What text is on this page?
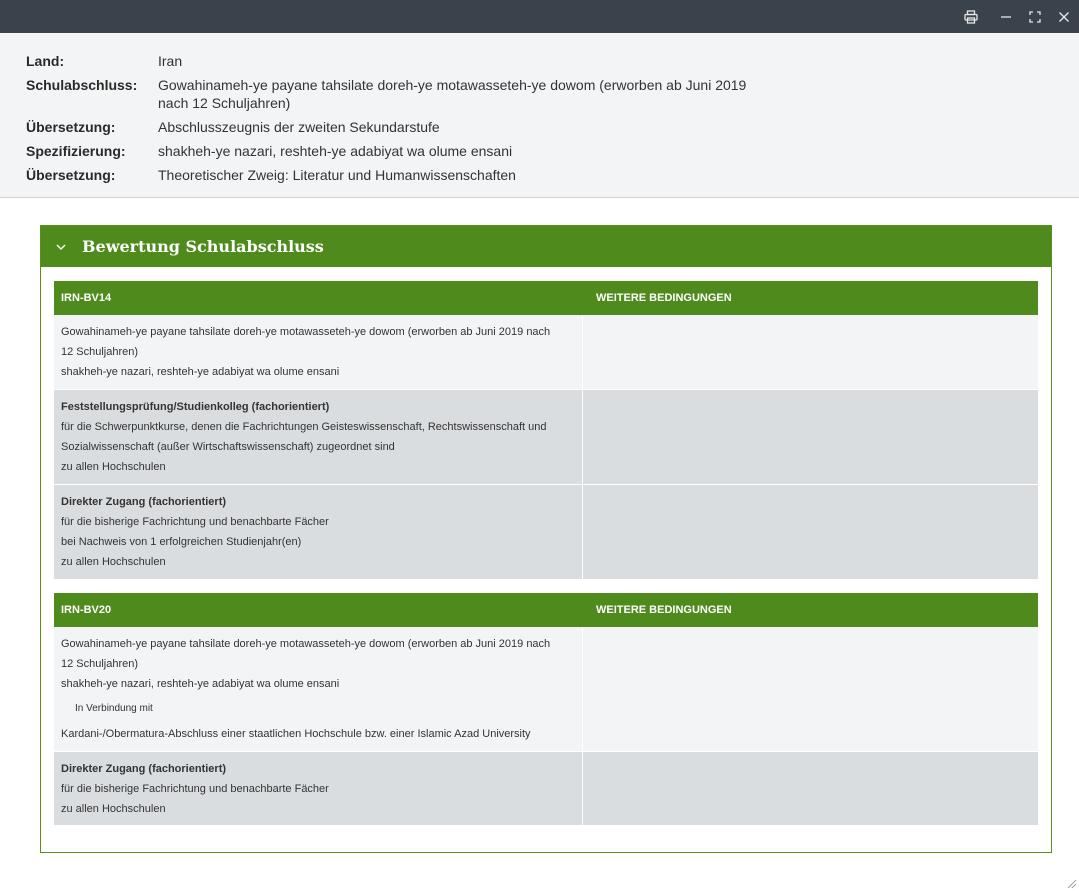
Land:	Iran
Schulabschluss:	Gowahinameh-ye payane tahsilate doreh-ye motawasseteh-ye dowom (erworben ab Juni 2019
nach 12 Schuljahren)
Übersetzung:	Abschlusszeugnis der zweiten Sekundarstufe
Spezifizierung:	shakheh-ye nazari, reshteh-ye adabiyat wa olume ensani
Übersetzung:	Theoretischer Zweig: Literatur und Humanwissenschaften
Bewertung Schulabschluss
IRN-BV14	WEITERE BEDINGUNGEN
Gowahinameh-ye payane tahsilate doreh-ye motawasseteh-ye dowom (erworben ab Juni 2019 nach
12 Schuljahren)
shakheh-ye nazari, reshteh-ye adabiyat wa olume ensani
Feststellungsprüfung/Studienkolleg (fachorientiert)
für die Schwerpunktkurse, denen die Fachrichtungen Geisteswissenschaft, Rechtswissenschaft und
Sozialwissenschaft (außer Wirtschaftswissenschaft) zugeordnet sind
zu allen Hochschulen
Direkter Zugang (fachorientiert)
für die bisherige Fachrichtung und benachbarte Fächer
bei Nachweis von 1 erfolgreichen Studienjahr(en)
zu allen Hochschulen
IRN-BV20	WEITERE BEDINGUNGEN
Gowahinameh-ye payane tahsilate doreh-ye motawasseteh-ye dowom (erworben ab Juni 2019 nach
12 Schuljahren)
shakheh-ye nazari, reshteh-ye adabiyat wa olume ensani
In Verbindung mit
Kardani-/Obermatura-Abschluss einer staatlichen Hochschule bzw. einer Islamic Azad University
Direkter Zugang (fachorientiert)
für die bisherige Fachrichtung und benachbarte Fächer
zu allen Hochschulen
